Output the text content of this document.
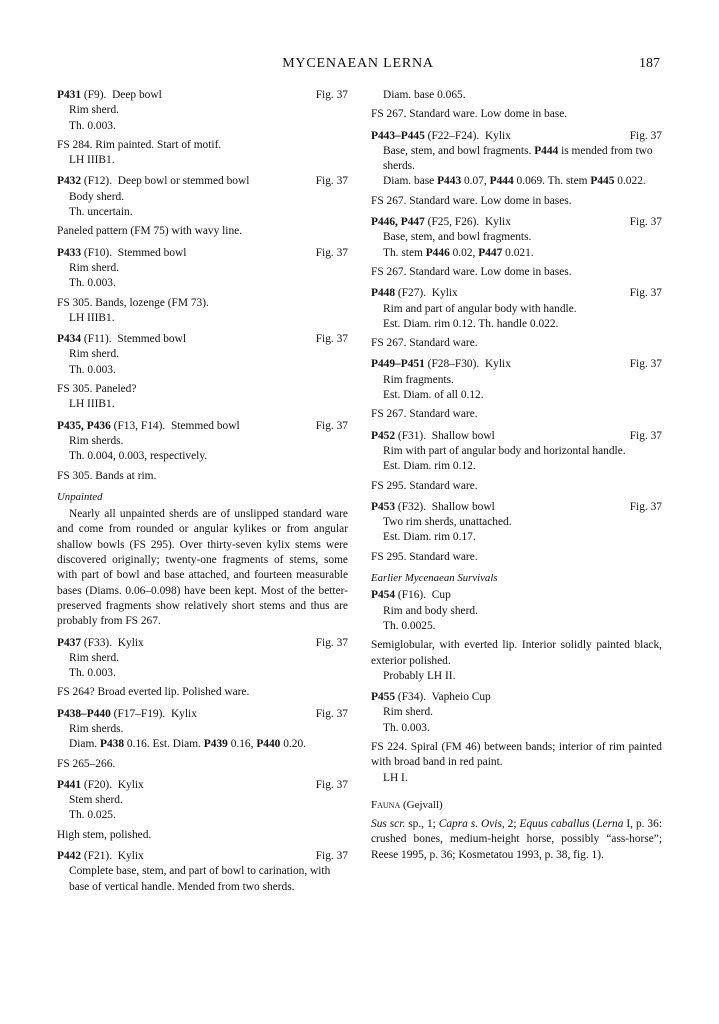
MYCENAEAN LERNA	187
P431 (F9). Deep bowl	Fig. 37
Rim sherd.
Th. 0.003.
FS 284. Rim painted. Start of motif.
LH IIIB1.
P432 (F12). Deep bowl or stemmed bowl	Fig. 37
Body sherd.
Th. uncertain.
Paneled pattern (FM 75) with wavy line.
P433 (F10). Stemmed bowl	Fig. 37
Rim sherd.
Th. 0.003.
FS 305. Bands, lozenge (FM 73).
LH IIIB1.
P434 (F11). Stemmed bowl	Fig. 37
Rim sherd.
Th. 0.003.
FS 305. Paneled?
LH IIIB1.
P435, P436 (F13, F14). Stemmed bowl	Fig. 37
Rim sherds.
Th. 0.004, 0.003, respectively.
FS 305. Bands at rim.
Unpainted
Nearly all unpainted sherds are of unslipped standard ware and come from rounded or angular kylikes or from angular shallow bowls (FS 295). Over thirty-seven kylix stems were discovered originally; twenty-one fragments of stems, some with part of bowl and base attached, and fourteen measurable bases (Diams. 0.06–0.098) have been kept. Most of the better-preserved fragments show relatively short stems and thus are probably from FS 267.
P437 (F33). Kylix	Fig. 37
Rim sherd.
Th. 0.003.
FS 264? Broad everted lip. Polished ware.
P438–P440 (F17–F19). Kylix	Fig. 37
Rim sherds.
Diam. P438 0.16. Est. Diam. P439 0.16, P440 0.20.
FS 265–266.
P441 (F20). Kylix	Fig. 37
Stem sherd.
Th. 0.025.
High stem, polished.
P442 (F21). Kylix	Fig. 37
Complete base, stem, and part of bowl to carination, with base of vertical handle. Mended from two sherds.
Diam. base 0.065.
FS 267. Standard ware. Low dome in base.
P443–P445 (F22–F24). Kylix	Fig. 37
Base, stem, and bowl fragments. P444 is mended from two sherds.
Diam. base P443 0.07, P444 0.069. Th. stem P445 0.022.
FS 267. Standard ware. Low dome in bases.
P446, P447 (F25, F26). Kylix	Fig. 37
Base, stem, and bowl fragments.
Th. stem P446 0.02, P447 0.021.
FS 267. Standard ware. Low dome in bases.
P448 (F27). Kylix	Fig. 37
Rim and part of angular body with handle.
Est. Diam. rim 0.12. Th. handle 0.022.
FS 267. Standard ware.
P449–P451 (F28–F30). Kylix	Fig. 37
Rim fragments.
Est. Diam. of all 0.12.
FS 267. Standard ware.
P452 (F31). Shallow bowl	Fig. 37
Rim with part of angular body and horizontal handle.
Est. Diam. rim 0.12.
FS 295. Standard ware.
P453 (F32). Shallow bowl	Fig. 37
Two rim sherds, unattached.
Est. Diam. rim 0.17.
FS 295. Standard ware.
Earlier Mycenaean Survivals
P454 (F16). Cup
Rim and body sherd.
Th. 0.0025.
Semiglobular, with everted lip. Interior solidly painted black, exterior polished.
Probably LH II.
P455 (F34). Vapheio Cup
Rim sherd.
Th. 0.003.
FS 224. Spiral (FM 46) between bands; interior of rim painted with broad band in red paint.
LH I.
Fauna (Gejvall)
Sus scr. sp., 1; Capra s. Ovis, 2; Equus caballus (Lerna I, p. 36: crushed bones, medium-height horse, possibly “ass-horse”; Reese 1995, p. 36; Kosmetatou 1993, p. 38, fig. 1).
